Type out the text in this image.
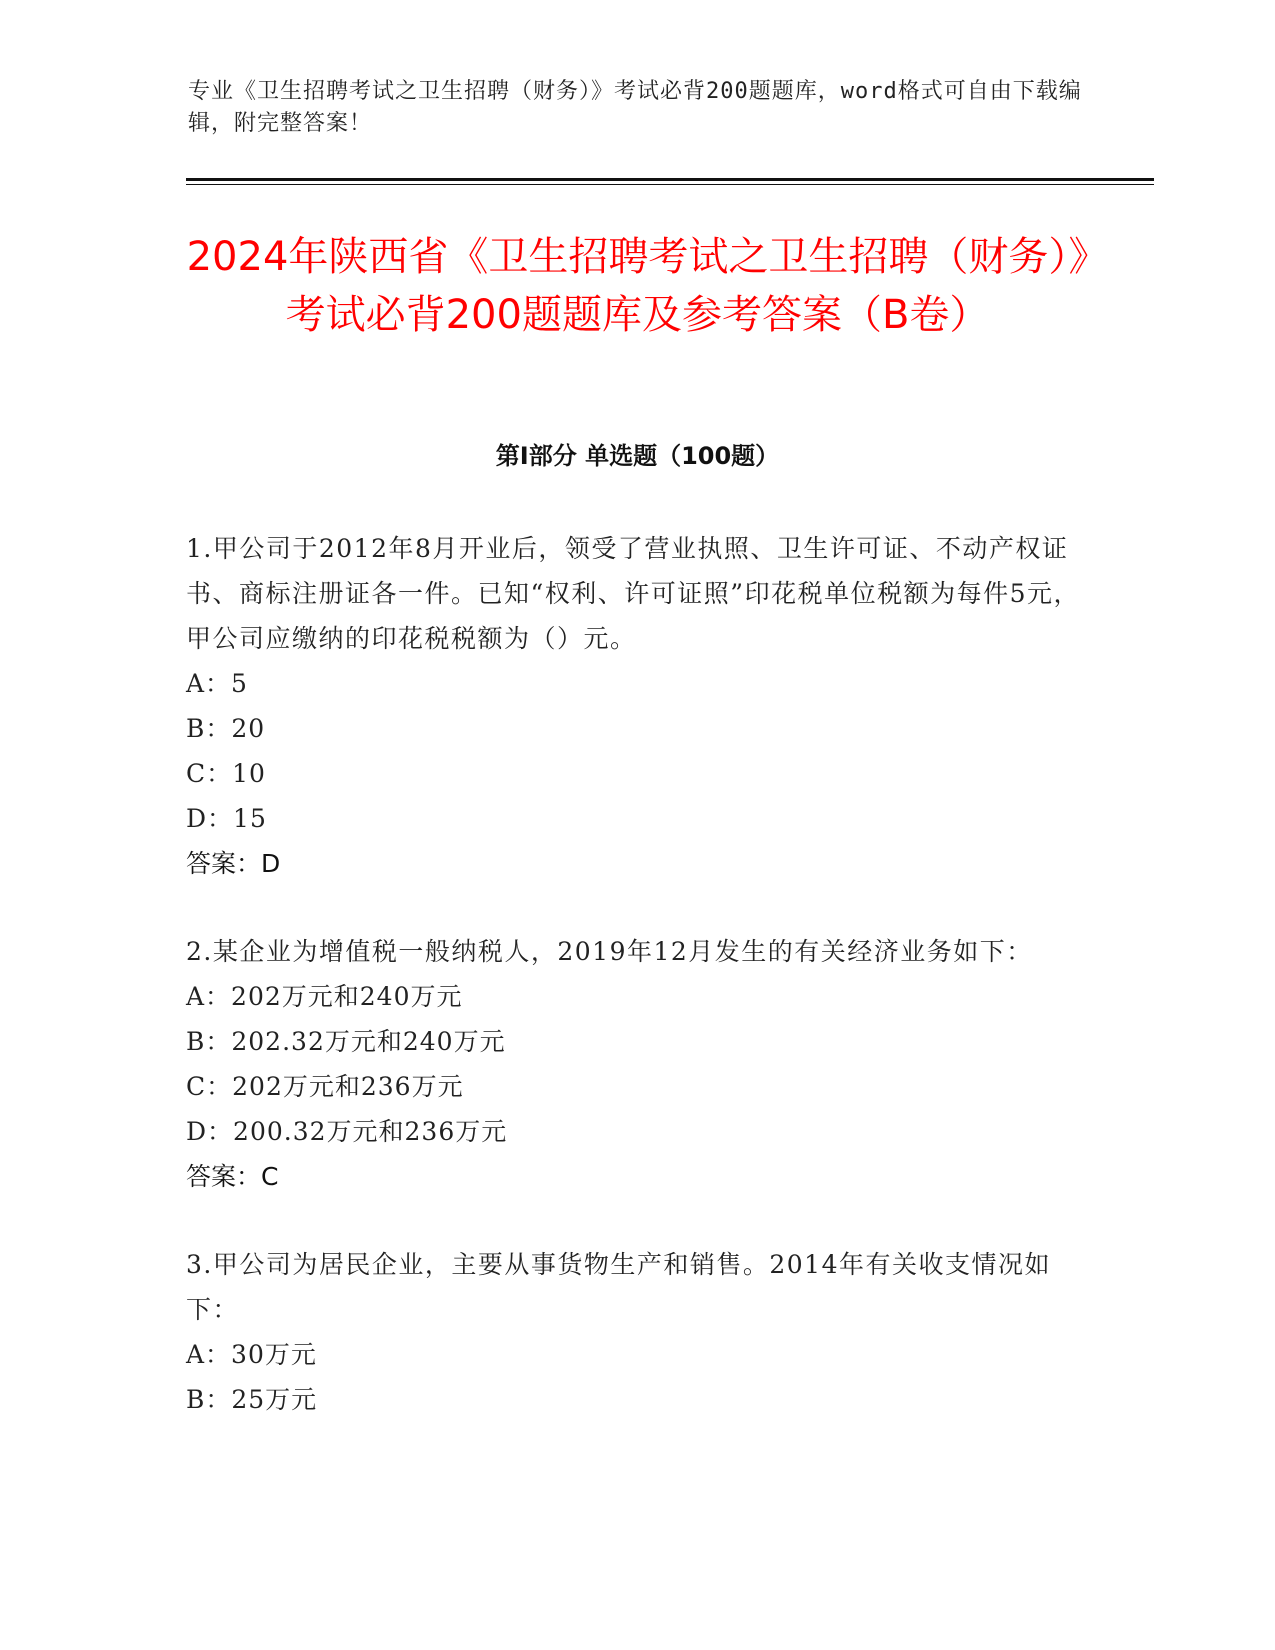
专业《卫生招聘考试之卫生招聘（财务）》考试必背200题题库，word格式可自由下载编辑，附完整答案！
2024年陕西省《卫生招聘考试之卫生招聘（财务）》考试必背200题题库及参考答案（B卷）
第I部分 单选题（100题）

1.甲公司于2012年8月开业后，领受了营业执照、卫生许可证、不动产权证书、商标注册证各一件。已知“权利、许可证照”印花税单位税额为每件5元，甲公司应缴纳的印花税税额为（）元。

A：5

B：20

C：10

D：15

答案：D

2.某企业为增值税一般纳税人，2019年12月发生的有关经济业务如下：

A：202万元和240万元

B：202.32万元和240万元

C：202万元和236万元

D：200.32万元和236万元

答案：C

3.甲公司为居民企业，主要从事货物生产和销售。2014年有关收支情况如下：

A：30万元

B：25万元
